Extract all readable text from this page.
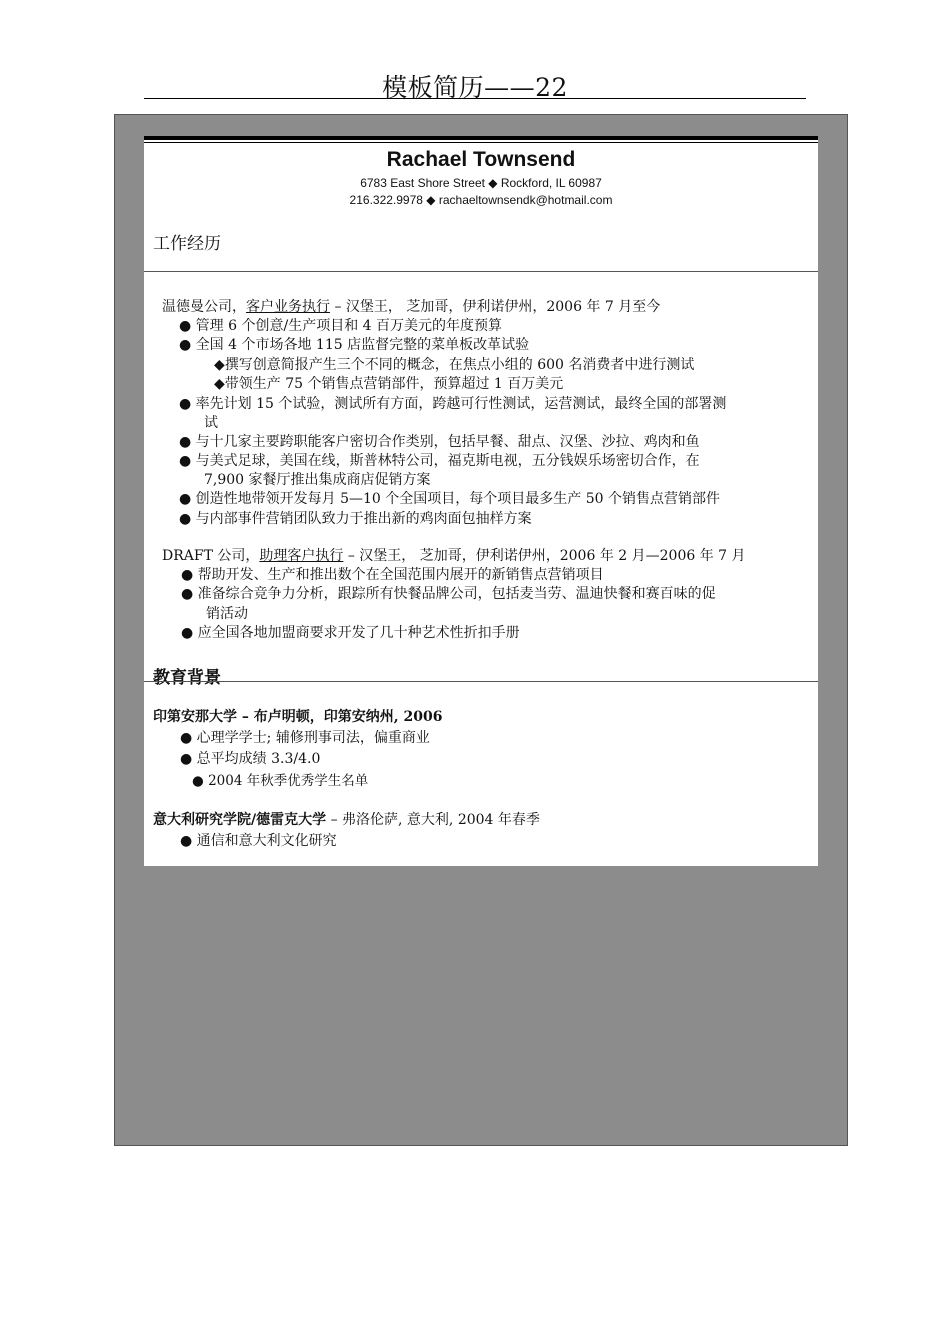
模板简历——22
Rachael Townsend
6783 East Shore Street ◆ Rockford, IL 60987
216.322.9978 ◆ rachaeltownsendk@hotmail.com
工作经历
温德曼公司，客户业务执行 – 汉堡王， 芝加哥，伊利诺伊州，2006 年 7 月至今
● 管理 6 个创意/生产项目和 4 百万美元的年度预算
● 全国 4 个市场各地 115 店监督完整的菜单板改革试验
◆撰写创意简报产生三个不同的概念，在焦点小组的 600 名消费者中进行测试
◆带领生产 75 个销售点营销部件，预算超过 1 百万美元
● 率先计划 15 个试验，测试所有方面，跨越可行性测试，运营测试，最终全国的部署测
试
● 与十几家主要跨职能客户密切合作类别，包括早餐、甜点、汉堡、沙拉、鸡肉和鱼
● 与美式足球，美国在线，斯普林特公司，福克斯电视，五分钱娱乐场密切合作，在
7,900 家餐厅推出集成商店促销方案
● 创造性地带领开发每月 5—10 个全国项目，每个项目最多生产 50 个销售点营销部件
● 与内部事件营销团队致力于推出新的鸡肉面包抽样方案
DRAFT 公司，助理客户执行 – 汉堡王， 芝加哥，伊利诺伊州，2006 年 2 月—2006 年 7 月
● 帮助开发、生产和推出数个在全国范围内展开的新销售点营销项目
● 准备综合竞争力分析，跟踪所有快餐品牌公司，包括麦当劳、温迪快餐和赛百味的促
销活动
● 应全国各地加盟商要求开发了几十种艺术性折扣手册
教育背景
印第安那大学 – 布卢明顿，印第安纳州, 2006
● 心理学学士; 辅修刑事司法，偏重商业
● 总平均成绩 3.3/4.0
● 2004 年秋季优秀学生名单
意大利研究学院/德雷克大学 – 弗洛伦萨, 意大利, 2004 年春季
● 通信和意大利文化研究
